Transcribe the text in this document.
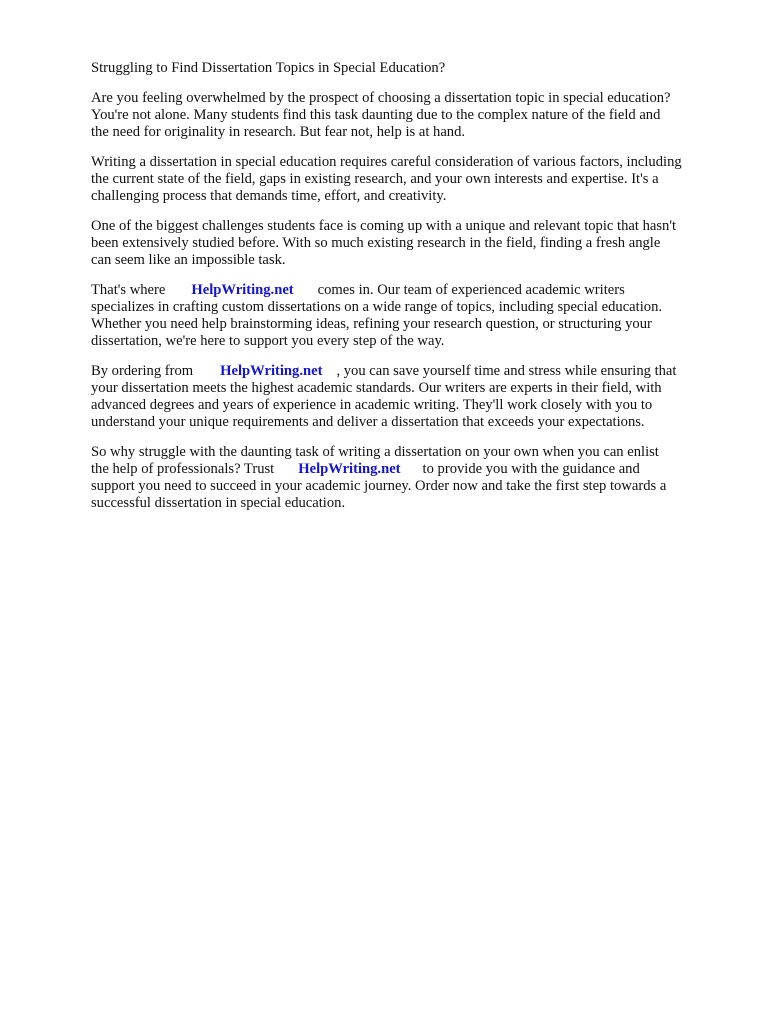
Struggling to Find Dissertation Topics in Special Education?
Are you feeling overwhelmed by the prospect of choosing a dissertation topic in special education?
You're not alone. Many students find this task daunting due to the complex nature of the field and
the need for originality in research. But fear not, help is at hand.
Writing a dissertation in special education requires careful consideration of various factors, including
the current state of the field, gaps in existing research, and your own interests and expertise. It's a
challenging process that demands time, effort, and creativity.
One of the biggest challenges students face is coming up with a unique and relevant topic that hasn't
been extensively studied before. With so much existing research in the field, finding a fresh angle
can seem like an impossible task.
That's where HelpWriting.net comes in. Our team of experienced academic writers
specializes in crafting custom dissertations on a wide range of topics, including special education.
Whether you need help brainstorming ideas, refining your research question, or structuring your
dissertation, we're here to support you every step of the way.
By ordering from HelpWriting.net , you can save yourself time and stress while ensuring that
your dissertation meets the highest academic standards. Our writers are experts in their field, with
advanced degrees and years of experience in academic writing. They'll work closely with you to
understand your unique requirements and deliver a dissertation that exceeds your expectations.
So why struggle with the daunting task of writing a dissertation on your own when you can enlist
the help of professionals? Trust HelpWriting.net to provide you with the guidance and
support you need to succeed in your academic journey. Order now and take the first step towards a
successful dissertation in special education.
